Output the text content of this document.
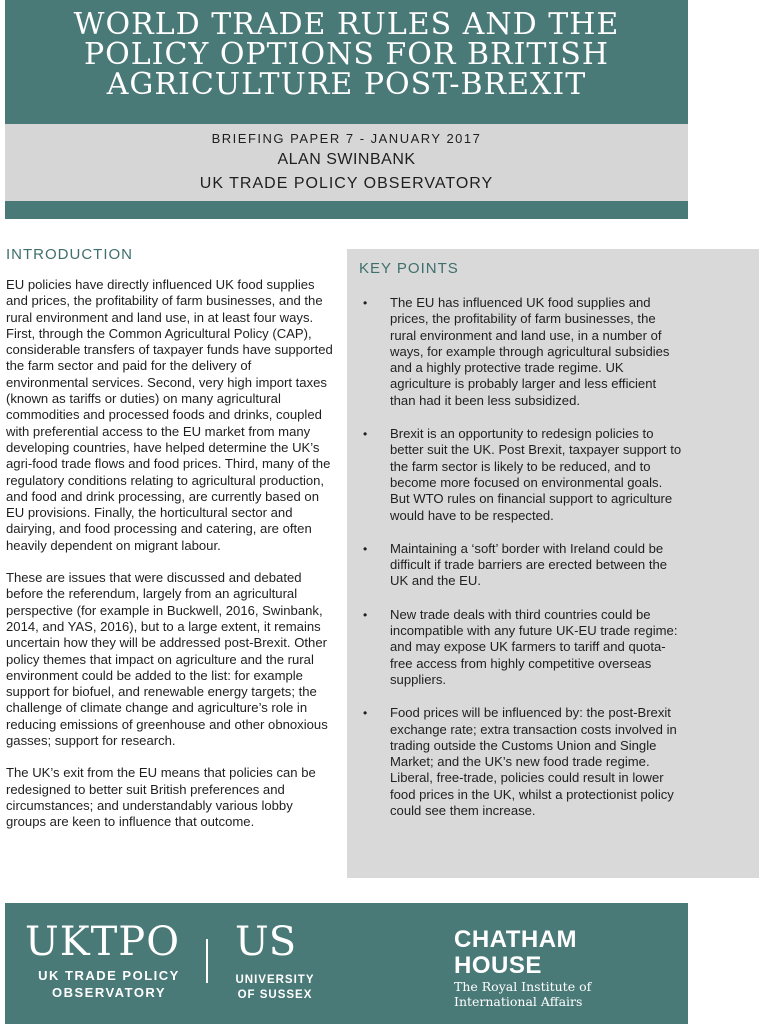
WORLD TRADE RULES AND THE
POLICY OPTIONS FOR BRITISH
AGRICULTURE POST-BREXIT
BRIEFING PAPER 7 - JANUARY 2017
ALAN SWINBANK
UK TRADE POLICY OBSERVATORY
INTRODUCTION

EU policies have directly influenced UK food supplies and prices, the profitability of farm businesses, and the rural environment and land use, in at least four ways. First, through the Common Agricultural Policy (CAP), considerable transfers of taxpayer funds have supported the farm sector and paid for the delivery of environmental services. Second, very high import taxes (known as tariffs or duties) on many agricultural commodities and processed foods and drinks, coupled with preferential access to the EU market from many developing countries, have helped determine the UK’s agri-food trade flows and food prices. Third, many of the regulatory conditions relating to agricultural production, and food and drink processing, are currently based on EU provisions. Finally, the horticultural sector and dairying, and food processing and catering, are often heavily dependent on migrant labour.

These are issues that were discussed and debated before the referendum, largely from an agricultural perspective (for example in Buckwell, 2016, Swinbank, 2014, and YAS, 2016), but to a large extent, it remains uncertain how they will be addressed post-Brexit. Other policy themes that impact on agriculture and the rural environment could be added to the list: for example support for biofuel, and renewable energy targets; the challenge of climate change and agriculture’s role in reducing emissions of greenhouse and other obnoxious gasses; support for research.

The UK’s exit from the EU means that policies can be redesigned to better suit British preferences and circumstances; and understandably various lobby groups are keen to influence that outcome.

KEY POINTS
• The EU has influenced UK food supplies and prices, the profitability of farm businesses, the rural environment and land use, in a number of ways, for example through agricultural subsidies and a highly protective trade regime. UK agriculture is probably larger and less efficient than had it been less subsidized.
• Brexit is an opportunity to redesign policies to better suit the UK. Post Brexit, taxpayer support to the farm sector is likely to be reduced, and to become more focused on environmental goals. But WTO rules on financial support to agriculture would have to be respected.
• Maintaining a ‘soft’ border with Ireland could be difficult if trade barriers are erected between the UK and the EU.
• New trade deals with third countries could be incompatible with any future UK-EU trade regime: and may expose UK farmers to tariff and quota-free access from highly competitive overseas suppliers.
• Food prices will be influenced by: the post-Brexit exchange rate; extra transaction costs involved in trading outside the Customs Union and Single Market; and the UK’s new food trade regime. Liberal, free-trade, policies could result in lower food prices in the UK, whilst a protectionist policy could see them increase.
UKTPO
UK TRADE POLICY OBSERVATORY
US
UNIVERSITY OF SUSSEX
CHATHAM
HOUSE
The Royal Institute of
International Affairs
